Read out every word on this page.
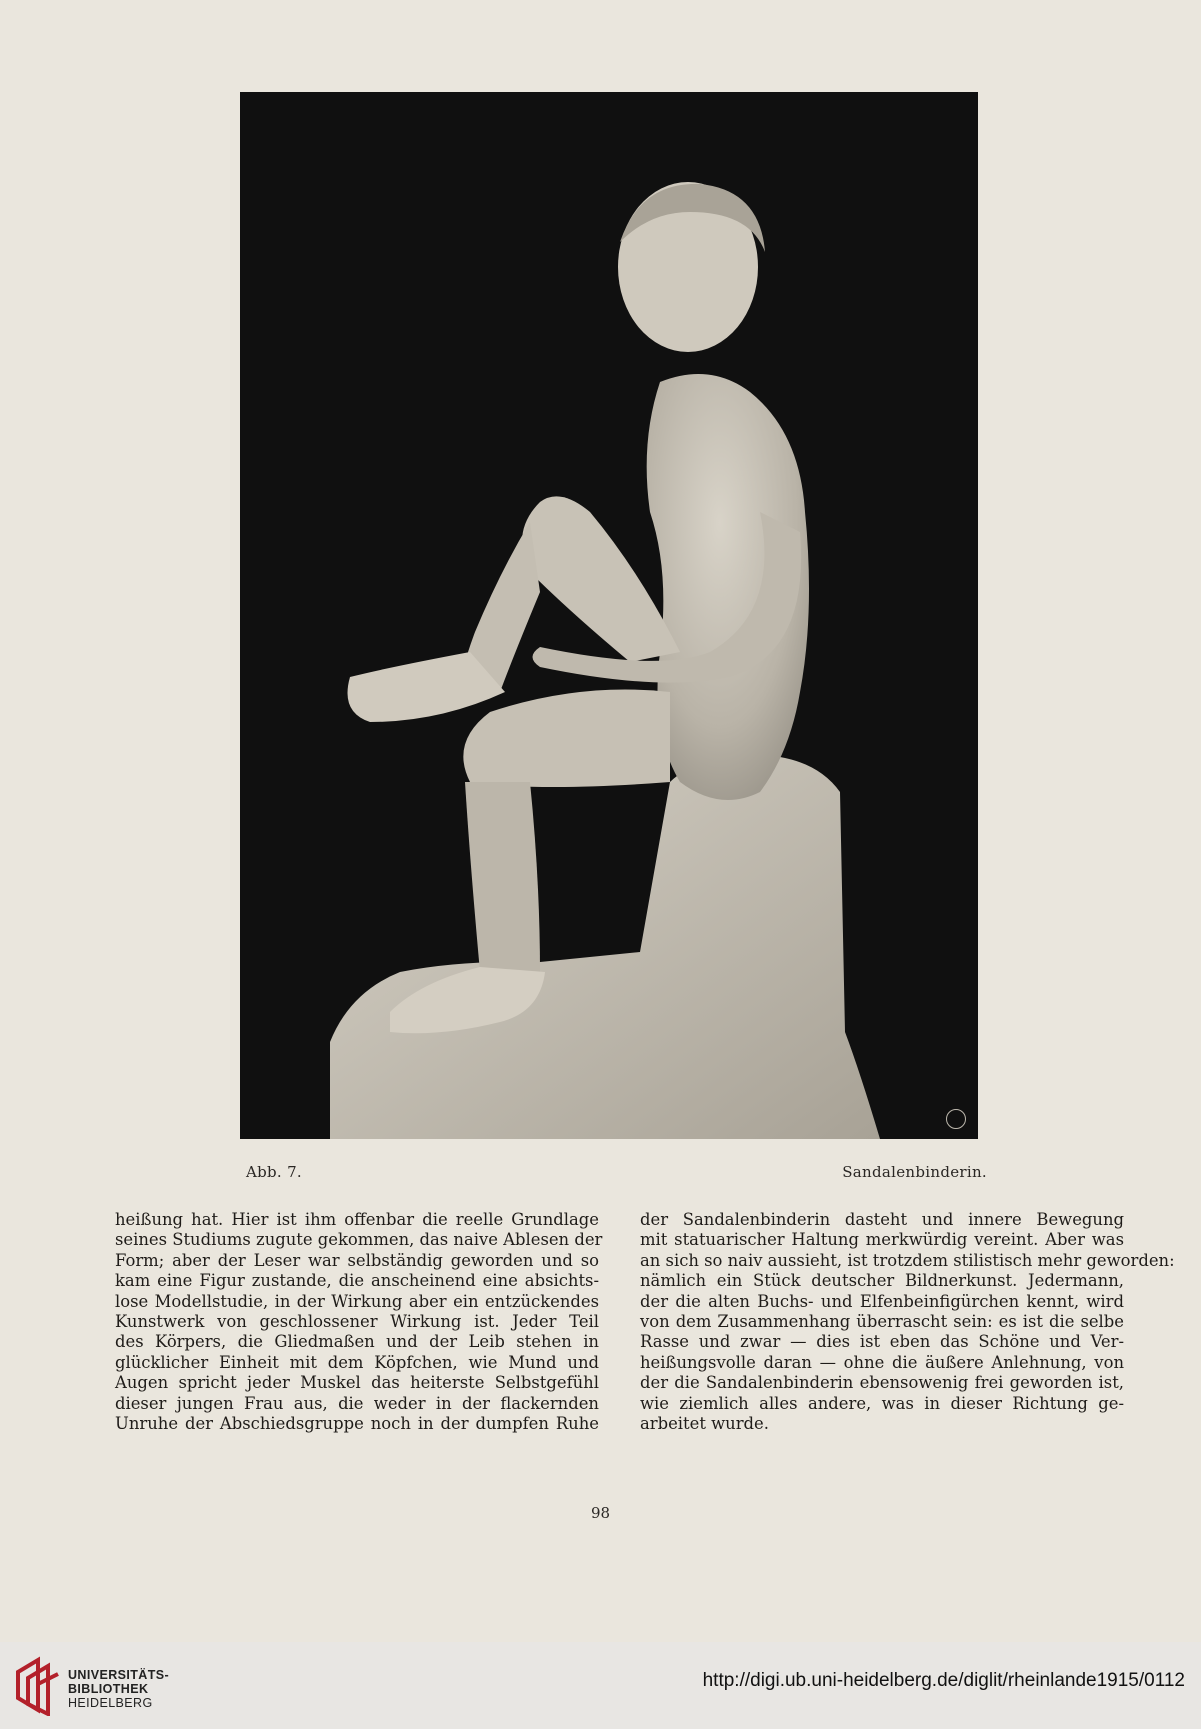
Abb. 7.	Sandalenbinderin.
heißung hat. Hier ist ihm offenbar die reelle Grundlage
seines Studiums zugute gekommen, das naive Ablesen der
Form; aber der Leser war selbständig geworden und so
kam eine Figur zustande, die anscheinend eine absichts-
lose Modellstudie, in der Wirkung aber ein entzückendes
Kunstwerk von geschlossener Wirkung ist. Jeder Teil
des Körpers, die Gliedmaßen und der Leib stehen in
glücklicher Einheit mit dem Köpfchen, wie Mund und
Augen spricht jeder Muskel das heiterste Selbstgefühl
dieser jungen Frau aus, die weder in der flackernden
Unruhe der Abschiedsgruppe noch in der dumpfen Ruhe
der Sandalenbinderin dasteht und innere Bewegung
mit statuarischer Haltung merkwürdig vereint. Aber was
an sich so naiv aussieht, ist trotzdem stilistisch mehr geworden:
nämlich ein Stück deutscher Bildnerkunst. Jedermann,
der die alten Buchs- und Elfenbeinfigürchen kennt, wird
von dem Zusammenhang überrascht sein: es ist die selbe
Rasse und zwar — dies ist eben das Schöne und Ver-
heißungsvolle daran — ohne die äußere Anlehnung, von
der die Sandalenbinderin ebensowenig frei geworden ist,
wie ziemlich alles andere, was in dieser Richtung ge-
arbeitet wurde.
98
UNIVERSITÄTS-
BIBLIOTHEK
HEIDELBERG
http://digi.ub.uni-heidelberg.de/diglit/rheinlande1915/0112
